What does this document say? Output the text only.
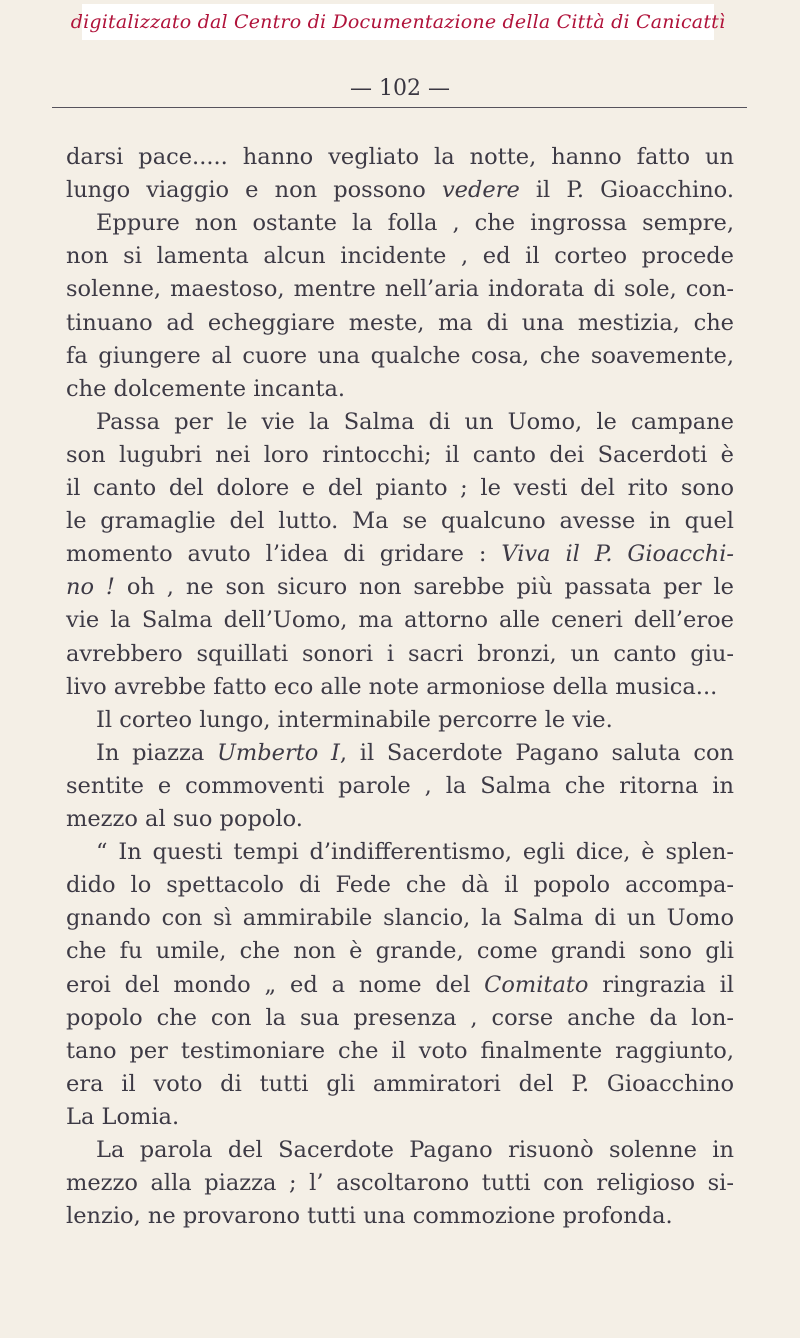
digitalizzato dal Centro di Documentazione della Città di Canicattì
— 102 —
darsi pace..... hanno vegliato la notte, hanno fatto un
lungo viaggio e non possono vedere il P. Gioacchino.
Eppure non ostante la folla , che ingrossa sempre,
non si lamenta alcun incidente , ed il corteo procede
solenne, maestoso, mentre nell’aria indorata di sole, con-
tinuano ad echeggiare meste, ma di una mestizia, che
fa giungere al cuore una qualche cosa, che soavemente,
che dolcemente incanta.
Passa per le vie la Salma di un Uomo, le campane
son lugubri nei loro rintocchi; il canto dei Sacerdoti è
il canto del dolore e del pianto ; le vesti del rito sono
le gramaglie del lutto. Ma se qualcuno avesse in quel
momento avuto l’idea di gridare : Viva il P. Gioacchi-
no ! oh , ne son sicuro non sarebbe più passata per le
vie la Salma dell’Uomo, ma attorno alle ceneri dell’eroe
avrebbero squillati sonori i sacri bronzi, un canto giu-
livo avrebbe fatto eco alle note armoniose della musica...
Il corteo lungo, interminabile percorre le vie.
In piazza Umberto I, il Sacerdote Pagano saluta con
sentite e commoventi parole , la Salma che ritorna in
mezzo al suo popolo.
“ In questi tempi d’indifferentismo, egli dice, è splen-
dido lo spettacolo di Fede che dà il popolo accompa-
gnando con sì ammirabile slancio, la Salma di un Uomo
che fu umile, che non è grande, come grandi sono gli
eroi del mondo „ ed a nome del Comitato ringrazia il
popolo che con la sua presenza , corse anche da lon-
tano per testimoniare che il voto finalmente raggiunto,
era il voto di tutti gli ammiratori del P. Gioacchino
La Lomia.
La parola del Sacerdote Pagano risuonò solenne in
mezzo alla piazza ; l’ ascoltarono tutti con religioso si-
lenzio, ne provarono tutti una commozione profonda.
